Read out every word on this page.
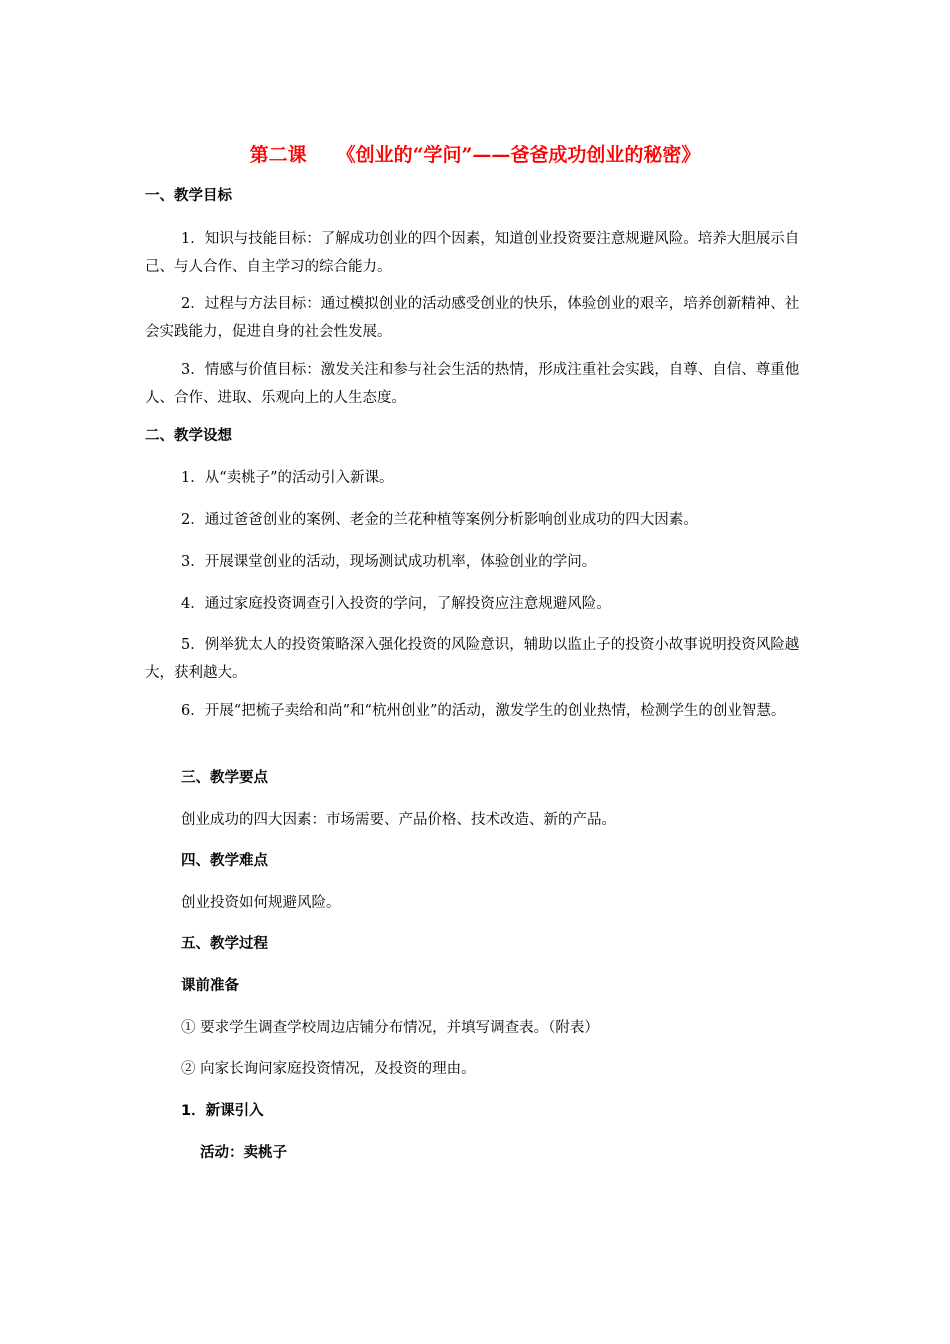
第二课 《创业的“学问”——爸爸成功创业的秘密》
一、教学目标
1．知识与技能目标：了解成功创业的四个因素，知道创业投资要注意规避风险。培养大胆展示自己、与人合作、自主学习的综合能力。
2．过程与方法目标：通过模拟创业的活动感受创业的快乐，体验创业的艰辛，培养创新精神、社会实践能力，促进自身的社会性发展。
3．情感与价值目标：激发关注和参与社会生活的热情，形成注重社会实践，自尊、自信、尊重他人、合作、进取、乐观向上的人生态度。
二、教学设想
1．从“卖桃子”的活动引入新课。
2．通过爸爸创业的案例、老金的兰花种植等案例分析影响创业成功的四大因素。
3．开展课堂创业的活动，现场测试成功机率，体验创业的学问。
4．通过家庭投资调查引入投资的学问，了解投资应注意规避风险。
5．例举犹太人的投资策略深入强化投资的风险意识，辅助以监止子的投资小故事说明投资风险越大，获利越大。
6．开展“把梳子卖给和尚”和“杭州创业”的活动，激发学生的创业热情，检测学生的创业智慧。
三、教学要点
创业成功的四大因素：市场需要、产品价格、技术改造、新的产品。
四、教学难点
创业投资如何规避风险。
五、教学过程
课前准备
① 要求学生调查学校周边店铺分布情况，并填写调查表。（附表）
② 向家长询问家庭投资情况，及投资的理由。
1．新课引入
活动：卖桃子
